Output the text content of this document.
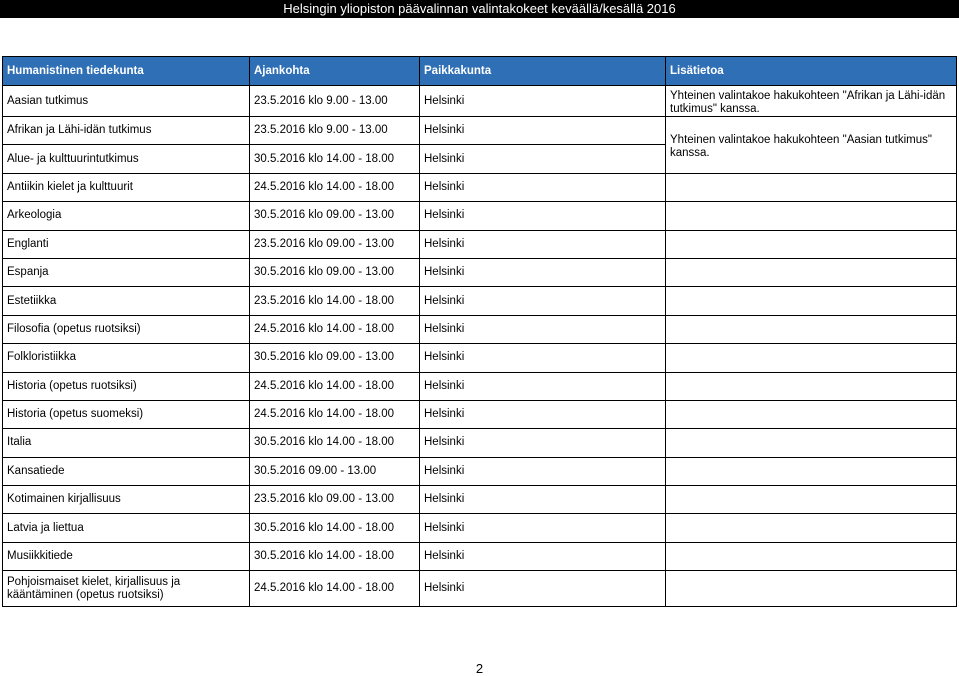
Helsingin yliopiston päävalinnan valintakokeet keväällä/kesällä 2016
Humanistinen tiedekunta	Ajankohta	Paikkakunta	Lisätietoa
Aasian tutkimus	23.5.2016 klo 9.00 - 13.00	Helsinki	Yhteinen valintakoe hakukohteen "Afrikan ja Lähi-idän tutkimus" kanssa.
Afrikan ja Lähi-idän tutkimus	23.5.2016 klo 9.00 - 13.00	Helsinki	Yhteinen valintakoe hakukohteen "Aasian tutkimus" kanssa.
Alue- ja kulttuurintutkimus	30.5.2016 klo 14.00 - 18.00	Helsinki	
Antiikin kielet ja kulttuurit	24.5.2016 klo 14.00 - 18.00	Helsinki	
Arkeologia	30.5.2016 klo 09.00 - 13.00	Helsinki	
Englanti	23.5.2016 klo 09.00 - 13.00	Helsinki	
Espanja	30.5.2016 klo 09.00 - 13.00	Helsinki	
Estetiikka	23.5.2016 klo 14.00 - 18.00	Helsinki	
Filosofia (opetus ruotsiksi)	24.5.2016 klo 14.00 - 18.00	Helsinki	
Folkloristiikka	30.5.2016 klo 09.00 - 13.00	Helsinki	
Historia (opetus ruotsiksi)	24.5.2016 klo 14.00 - 18.00	Helsinki	
Historia (opetus suomeksi)	24.5.2016 klo 14.00 - 18.00	Helsinki	
Italia	30.5.2016 klo 14.00 - 18.00	Helsinki	
Kansatiede	30.5.2016 09.00 - 13.00	Helsinki	
Kotimainen kirjallisuus	23.5.2016 klo 09.00 - 13.00	Helsinki	
Latvia ja liettua	30.5.2016 klo 14.00 - 18.00	Helsinki	
Musiikkitiede	30.5.2016 klo 14.00 - 18.00	Helsinki	
Pohjoismaiset kielet, kirjallisuus ja kääntäminen (opetus ruotsiksi)	24.5.2016 klo 14.00 - 18.00	Helsinki	
2
